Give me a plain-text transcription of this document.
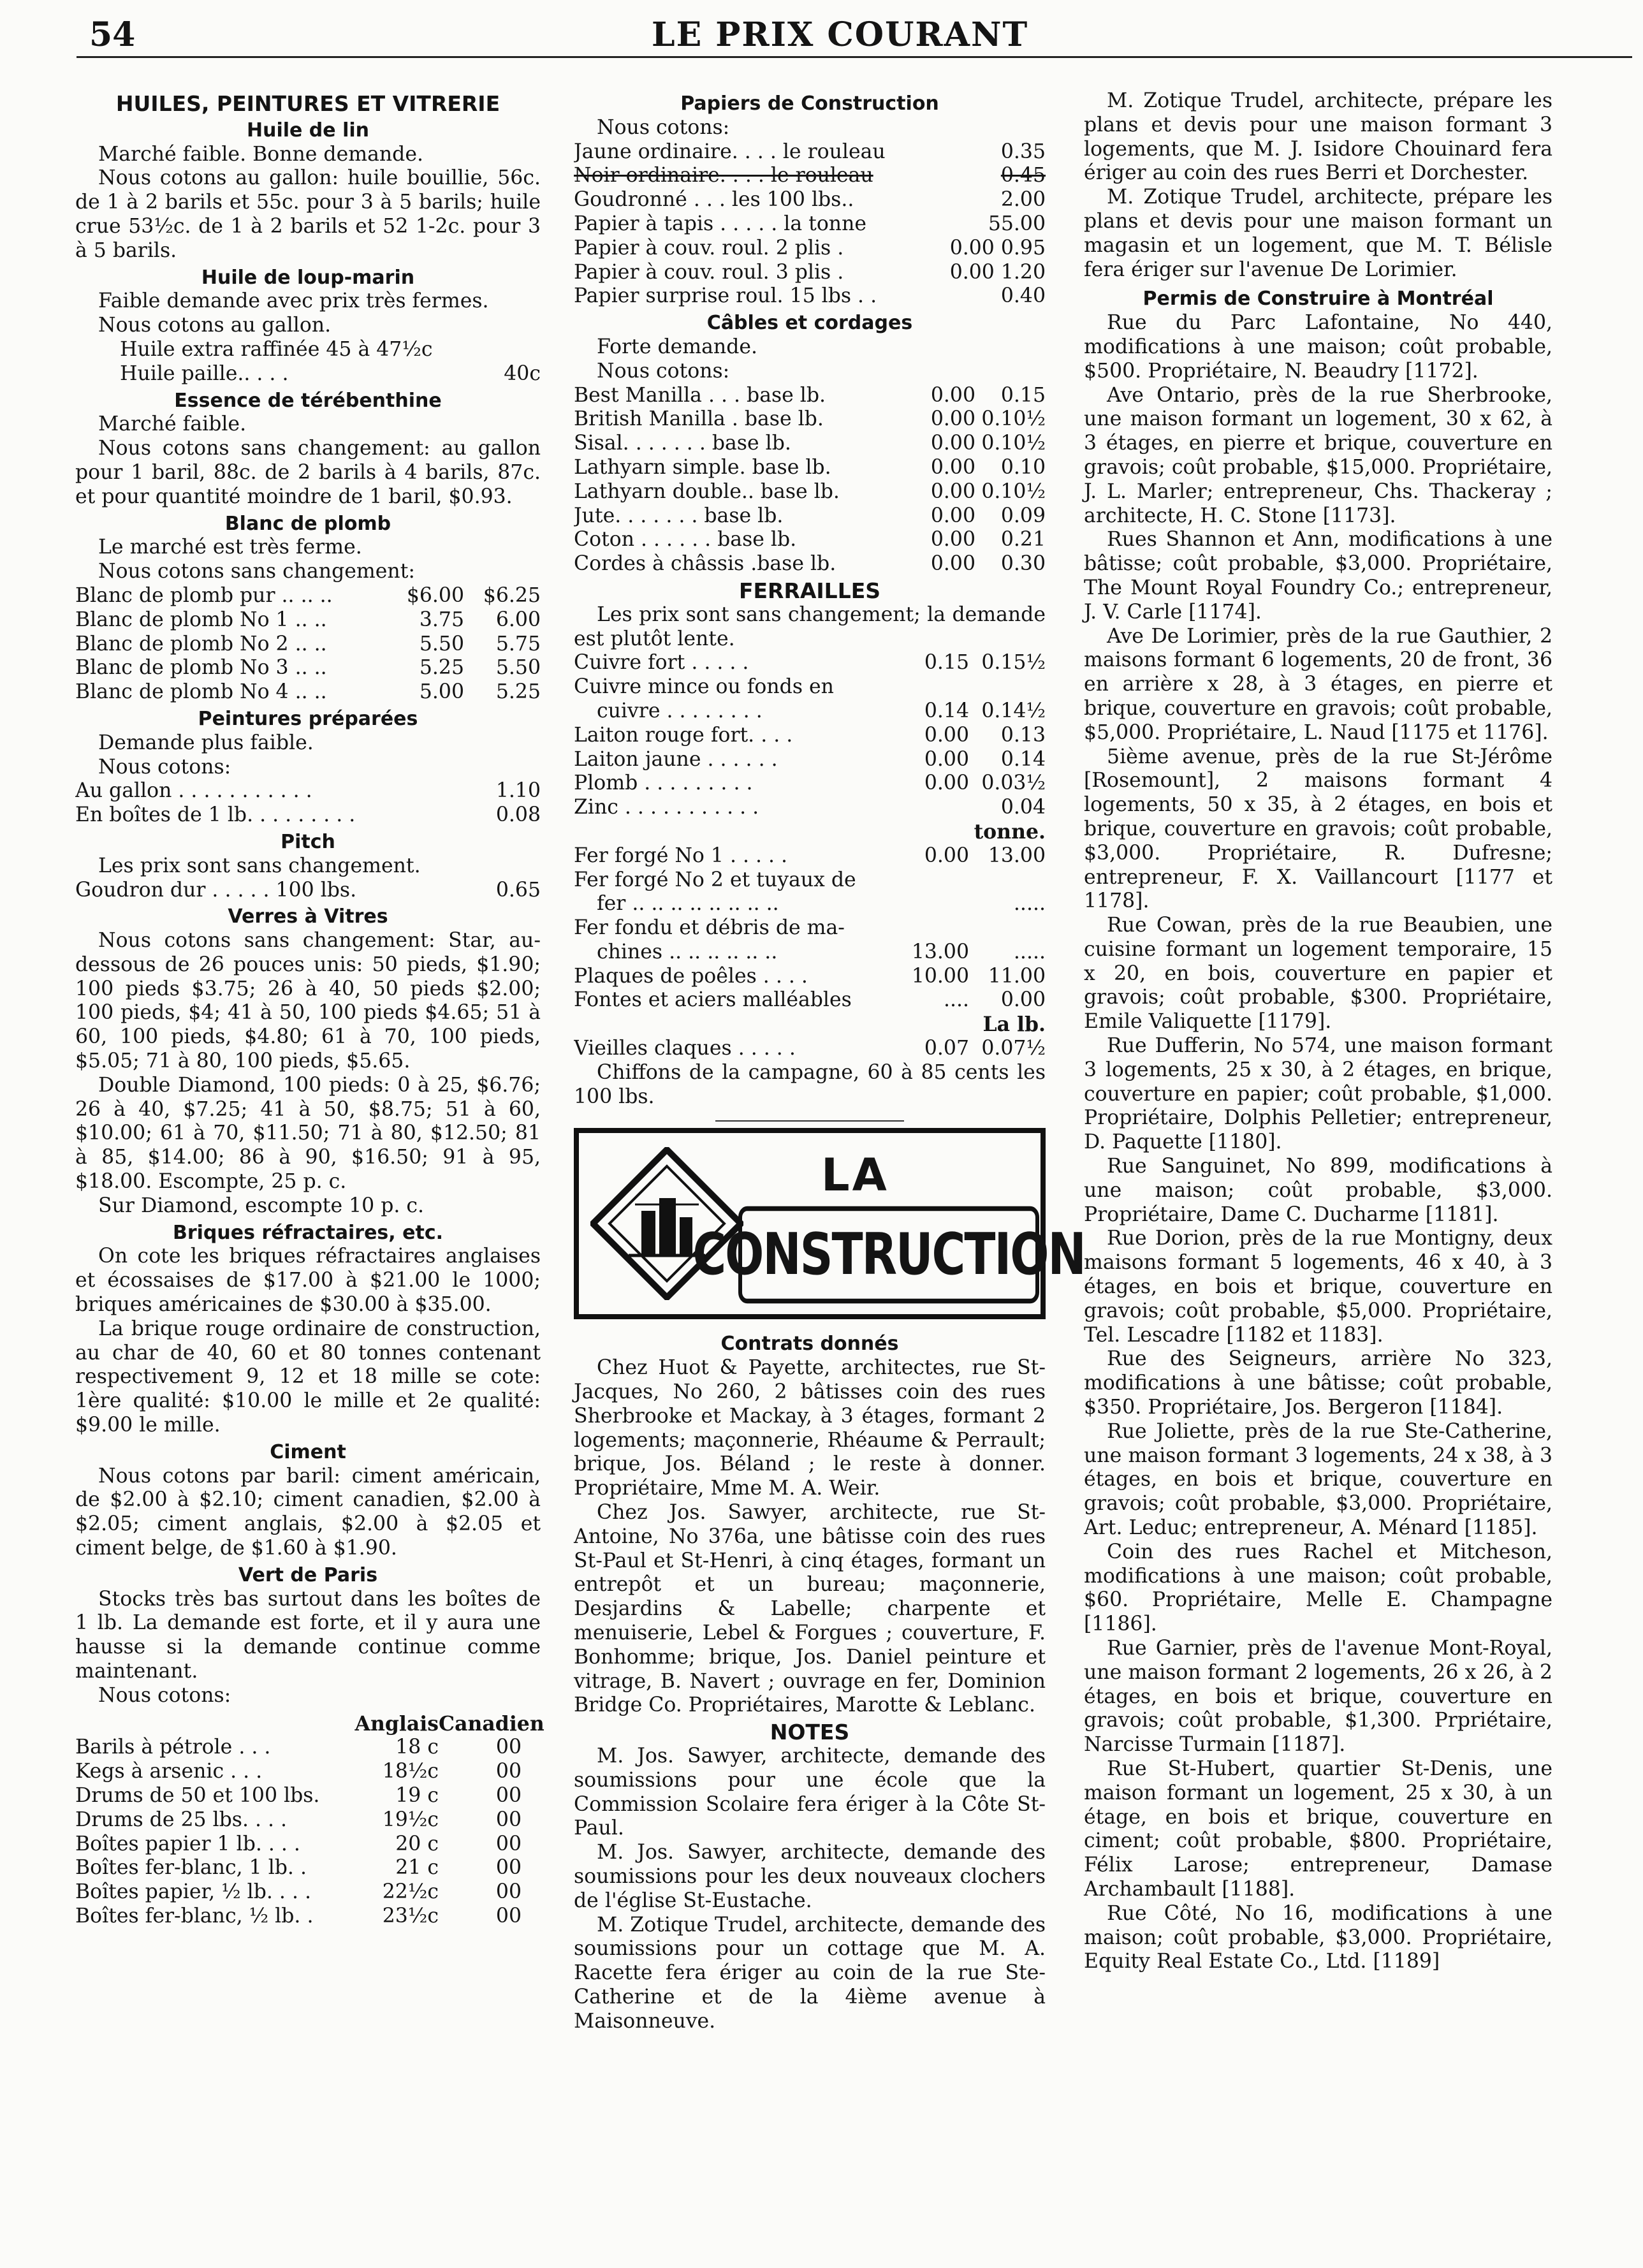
54	LE PRIX COURANT
HUILES, PEINTURES ET VITRERIE
Huile de lin

Marché faible. Bonne demande.

Nous cotons au gallon: huile bouillie, 56c. de 1 à 2 barils et 55c. pour 3 à 5 barils; huile crue 53½c. de 1 à 2 barils et 52 1-2c. pour 3 à 5 barils.

Huile de loup-marin

Faible demande avec prix très fermes.

Nous cotons au gallon.

Huile extra raffinée 45 à 47½c
Huile paille.. . . .	40c
Essence de térébenthine

Marché faible.

Nous cotons sans changement: au gallon pour 1 baril, 88c. de 2 barils à 4 barils, 87c. et pour quantité moindre de 1 baril, $0.93.

Blanc de plomb

Le marché est très ferme.

Nous cotons sans changement:

Blanc de plomb pur .. .. ..	$6.00 $6.25
Blanc de plomb No 1 .. ..	3.75	6.00
Blanc de plomb No 2 .. ..	5.50	5.75
Blanc de plomb No 3 .. ..	5.25	5.50
Blanc de plomb No 4 .. ..	5.00	5.25
Peintures préparées

Demande plus faible.

Nous cotons:

Au gallon . . . . . . . . . . .	1.10
En boîtes de 1 lb. . . . . . . . .	0.08
Pitch

Les prix sont sans changement.

Goudron dur . . . . . 100 lbs.	0.65
Verres à Vitres

Nous cotons sans changement: Star, au-dessous de 26 pouces unis: 50 pieds, $1.90; 100 pieds $3.75; 26 à 40, 50 pieds $2.00; 100 pieds, $4; 41 à 50, 100 pieds $4.65; 51 à 60, 100 pieds, $4.80; 61 à 70, 100 pieds, $5.05; 71 à 80, 100 pieds, $5.65.

Double Diamond, 100 pieds: 0 à 25, $6.76; 26 à 40, $7.25; 41 à 50, $8.75; 51 à 60, $10.00; 61 à 70, $11.50; 71 à 80, $12.50; 81 à 85, $14.00; 86 à 90, $16.50; 91 à 95, $18.00. Escompte, 25 p. c.

Sur Diamond, escompte 10 p. c.

Briques réfractaires, etc.

On cote les briques réfractaires anglaises et écossaises de $17.00 à $21.00 le 1000; briques américaines de $30.00 à $35.00.

La brique rouge ordinaire de construction, au char de 40, 60 et 80 tonnes contenant respectivement 9, 12 et 18 mille se cote: 1ère qualité: $10.00 le mille et 2e qualité: $9.00 le mille.

Ciment

Nous cotons par baril: ciment américain, de $2.00 à $2.10; ciment canadien, $2.00 à $2.05; ciment anglais, $2.00 à $2.05 et ciment belge, de $1.60 à $1.90.

Vert de Paris

Stocks très bas surtout dans les boîtes de 1 lb. La demande est forte, et il y aura une hausse si la demande continue comme maintenant.

Nous cotons:

Anglais Canadien
Barils à pétrole . . .	18 c	00
Kegs à arsenic . . .	18½c	00
Drums de 50 et 100 lbs.	19 c	00
Drums de 25 lbs. . . .	19½c	00
Boîtes papier 1 lb. . . .	20 c	00
Boîtes fer-blanc, 1 lb. .	21 c	00
Boîtes papier, ½ lb. . . .	22½c	00
Boîtes fer-blanc, ½ lb. .	23½c	00
Papiers de Construction

Nous cotons:

Jaune ordinaire. . . . le rouleau	0.35
Noir ordinaire. . . . le rouleau	0.45
Goudronné . . . les 100 lbs..	2.00
Papier à tapis . . . . . la tonne	55.00
Papier à couv. roul. 2 plis .	0.00 0.95
Papier à couv. roul. 3 plis .	0.00 1.20
Papier surprise roul. 15 lbs . .	0.40
Câbles et cordages

Forte demande.

Nous cotons:

Best Manilla . . . base lb.	0.00	0.15
British Manilla . base lb.	0.00 0.10½
Sisal. . . . . . . base lb.	0.00 0.10½
Lathyarn simple. base lb.	0.00	0.10
Lathyarn double.. base lb.	0.00 0.10½
Jute. . . . . . . base lb.	0.00	0.09
Coton . . . . . . base lb.	0.00	0.21
Cordes à châssis .base lb.	0.00	0.30
FERRAILLES

Les prix sont sans changement; la demande est plutôt lente.

Cuivre fort . . . . .	0.15 0.15½
Cuivre mince ou fonds en
cuivre . . . . . . . .	0.14 0.14½
Laiton rouge fort. . . .	0.00	0.13
Laiton jaune . . . . . .	0.00	0.14
Plomb . . . . . . . . .	0.00 0.03½
Zinc . . . . . . . . . . .	0.04

tonne.

Fer forgé No 1 . . . . .	0.00 13.00
Fer forgé No 2 et tuyaux de
fer .. .. .. .. .. .. .. ..	.....
Fer fondu et débris de ma-
chines .. .. .. .. .. ..	13.00	.....
Plaques de poêles . . . .	10.00 11.00
Fontes et aciers malléables	....	0.00

La lb.

Vieilles claques . . . . .	0.07 0.07½

Chiffons de la campagne, 60 à 85 cents les 100 lbs.

LA
CONSTRUCTION
Contrats donnés

Chez Huot & Payette, architectes, rue St-Jacques, No 260, 2 bâtisses coin des rues Sherbrooke et Mackay, à 3 étages, formant 2 logements; maçonnerie, Rhéaume & Perrault; brique, Jos. Béland ; le reste à donner. Propriétaire, Mme M. A. Weir.

Chez Jos. Sawyer, architecte, rue St-Antoine, No 376a, une bâtisse coin des rues St-Paul et St-Henri, à cinq étages, formant un entrepôt et un bureau; maçonnerie, Desjardins & Labelle; charpente et menuiserie, Lebel & Forgues ; couverture, F. Bonhomme; brique, Jos. Daniel peinture et vitrage, B. Navert ; ouvrage en fer, Dominion Bridge Co. Propriétaires, Marotte & Leblanc.

NOTES

M. Jos. Sawyer, architecte, demande des soumissions pour une école que la Commission Scolaire fera ériger à la Côte St-Paul.

M. Jos. Sawyer, architecte, demande des soumissions pour les deux nouveaux clochers de l'église St-Eustache.

M. Zotique Trudel, architecte, demande des soumissions pour un cottage que M. A. Racette fera ériger au coin de la rue Ste-Catherine et de la 4ième avenue à Maisonneuve.

M. Zotique Trudel, architecte, prépare les plans et devis pour une maison formant 3 logements, que M. J. Isidore Chouinard fera ériger au coin des rues Berri et Dorchester.

M. Zotique Trudel, architecte, prépare les plans et devis pour une maison formant un magasin et un logement, que M. T. Bélisle fera ériger sur l'avenue De Lorimier.

Permis de Construire à Montréal

Rue du Parc Lafontaine, No 440, modifications à une maison; coût probable, $500. Propriétaire, N. Beaudry [1172].

Ave Ontario, près de la rue Sherbrooke, une maison formant un logement, 30 x 62, à 3 étages, en pierre et brique, couverture en gravois; coût probable, $15,000. Propriétaire, J. L. Marler; entrepreneur, Chs. Thackeray ; architecte, H. C. Stone [1173].

Rues Shannon et Ann, modifications à une bâtisse; coût probable, $3,000. Propriétaire, The Mount Royal Foundry Co.; entrepreneur, J. V. Carle [1174].

Ave De Lorimier, près de la rue Gauthier, 2 maisons formant 6 logements, 20 de front, 36 en arrière x 28, à 3 étages, en pierre et brique, couverture en gravois; coût probable, $5,000. Propriétaire, L. Naud [1175 et 1176].

5ième avenue, près de la rue St-Jérôme [Rosemount], 2 maisons formant 4 logements, 50 x 35, à 2 étages, en bois et brique, couverture en gravois; coût probable, $3,000. Propriétaire, R. Dufresne; entrepreneur, F. X. Vaillancourt [1177 et 1178].

Rue Cowan, près de la rue Beaubien, une cuisine formant un logement temporaire, 15 x 20, en bois, couverture en papier et gravois; coût probable, $300. Propriétaire, Emile Valiquette [1179].

Rue Dufferin, No 574, une maison formant 3 logements, 25 x 30, à 2 étages, en brique, couverture en papier; coût probable, $1,000. Propriétaire, Dolphis Pelletier; entrepreneur, D. Paquette [1180].

Rue Sanguinet, No 899, modifications à une maison; coût probable, $3,000. Propriétaire, Dame C. Ducharme [1181].

Rue Dorion, près de la rue Montigny, deux maisons formant 5 logements, 46 x 40, à 3 étages, en bois et brique, couverture en gravois; coût probable, $5,000. Propriétaire, Tel. Lescadre [1182 et 1183].

Rue des Seigneurs, arrière No 323, modifications à une bâtisse; coût probable, $350. Propriétaire, Jos. Bergeron [1184].

Rue Joliette, près de la rue Ste-Catherine, une maison formant 3 logements, 24 x 38, à 3 étages, en bois et brique, couverture en gravois; coût probable, $3,000. Propriétaire, Art. Leduc; entrepreneur, A. Ménard [1185].

Coin des rues Rachel et Mitcheson, modifications à une maison; coût probable, $60. Propriétaire, Melle E. Champagne [1186].

Rue Garnier, près de l'avenue Mont-Royal, une maison formant 2 logements, 26 x 26, à 2 étages, en bois et brique, couverture en gravois; coût probable, $1,300. Prpriétaire, Narcisse Turmain [1187].

Rue St-Hubert, quartier St-Denis, une maison formant un logement, 25 x 30, à un étage, en bois et brique, couverture en ciment; coût probable, $800. Propriétaire, Félix Larose; entrepreneur, Damase Archambault [1188].

Rue Côté, No 16, modifications à une maison; coût probable, $3,000. Propriétaire, Equity Real Estate Co., Ltd. [1189]
